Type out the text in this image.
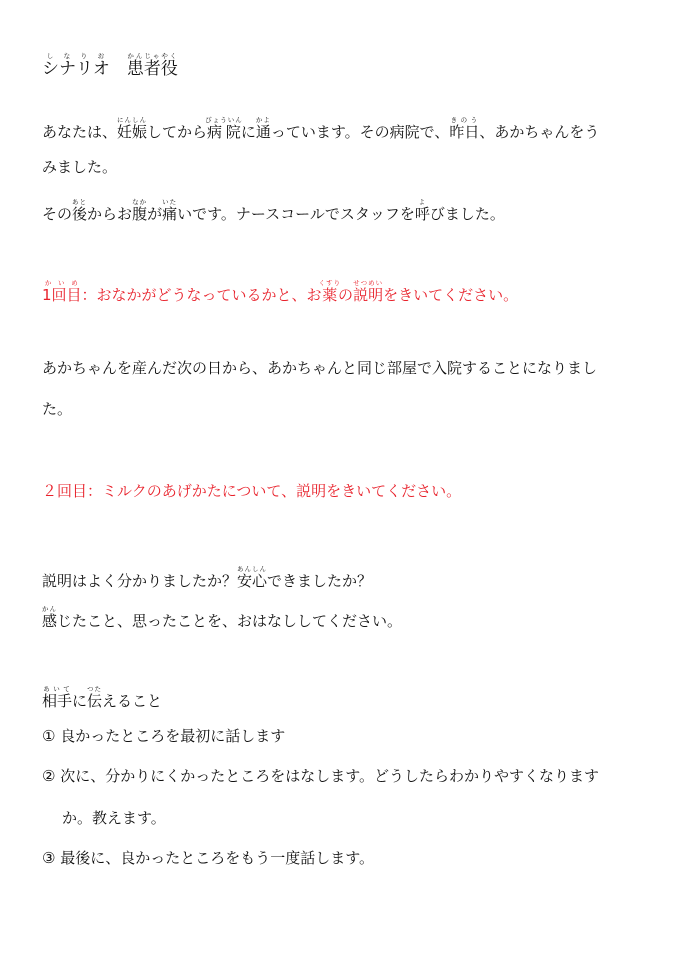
シナリオしなりお　患者役かんじゃやく
あなたは、妊娠にんしんしてから病院びょういんに通かよっています。その病院で、昨日きのう、あかちゃんをう
みました。
その後あとからお腹なかが痛いたいです。ナースコールでスタッフを呼よびました。
1回目かいめ：おなかがどうなっているかと、お薬くすりの説明せつめいをきいてください。
あかちゃんを産んだ次の日から、あかちゃんと同じ部屋で入院することになりまし
た。
２回目：ミルクのあげかたについて、説明をきいてください。
説明はよく分かりましたか？安心あんしんできましたか？
感かんじたこと、思ったことを、おはなししてください。
相手あいてに伝つたえること
① 良かったところを最初に話します
② 次に、分かりにくかったところをはなします。どうしたらわかりやすくなります
か。教えます。
③ 最後に、良かったところをもう一度話します。
